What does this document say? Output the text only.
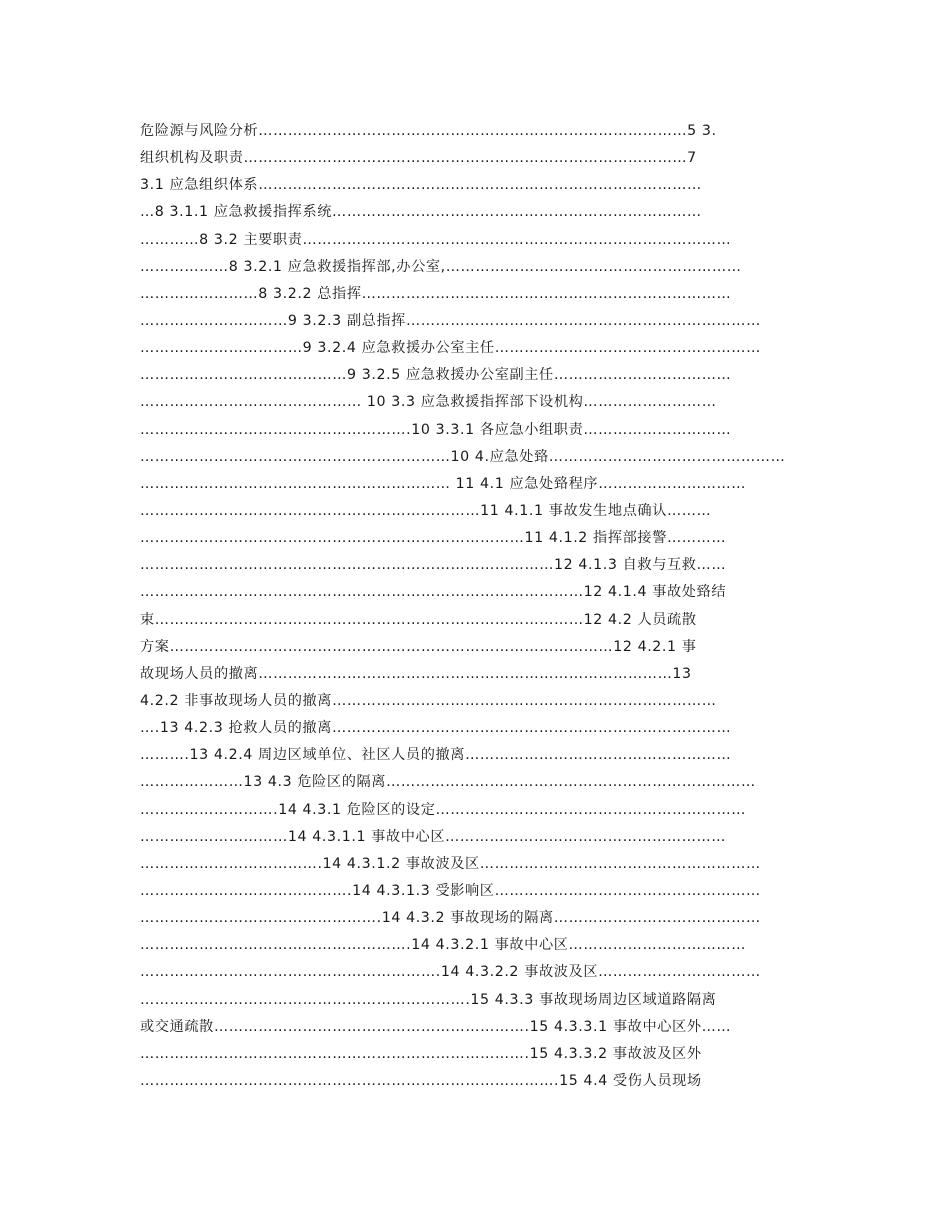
危险源与风险分析……………………………………………………………………………5 3.
组织机构及职责………………………………………………………………………………7
3.1 应急组织体系………………………………………………………………………………
…8 3.1.1 应急救援指挥系统…………………………………………………………………
…………8 3.2 主要职责……………………………………………………………………………
………………8 3.2.1 应急救援指挥部,办公室,……………………………………………………
……………………8 3.2.2 总指挥…………………………………………………………………
…………………………9 3.2.3 副总指挥………………………………………………………………
……………………………9 3.2.4 应急救援办公室主任………………………………………………
……………………………………9 3.2.5 应急救援办公室副主任………………………………
……………………………………… 10 3.3 应急救援指挥部下设机构………………………
……………………………………………….10 3.3.1 各应急小组职责…………………………
………………………………………………………10 4.应急处臵…………………………………………
……………………………………………………… 11 4.1 应急处臵程序…………………………
……………………………………………………………11 4.1.1 事故发生地点确认………
……………………………………………………………………11 4.1.2 指挥部接警…………
…………………………………………………………………………12 4.1.3 自救与互救……
………………………………………………………………………………12 4.1.4 事故处臵结
束……………………………………………………………………………12 4.2 人员疏散
方案………………………………………………………………………………12 4.2.1 事
故现场人员的撤离…………………………………………………………………………13
4.2.2 非事故现场人员的撤离……………………………………………………………………
….13 4.2.3 抢救人员的撤离………………………………………………………………………
……….13 4.2.4 周边区域单位、社区人员的撤离………………………………………………
…………………13 4.3 危险区的隔离…………………………………………………………………
……………………….14 4.3.1 危险区的设定………………………………………………………
…………………………14 4.3.1.1 事故中心区…………………………………………………
……………………………….14 4.3.1.2 事故波及区…………………………………………………
…………………………………….14 4.3.1.3 受影响区………………………………………………
………………………………………….14 4.3.2 事故现场的隔离……………………………………
……………………………………………….14 4.3.2.1 事故中心区………………………………
…………………………………………………….14 4.3.2.2 事故波及区……………………………
………………………………………………………….15 4.3.3 事故现场周边区域道路隔离
或交通疏散……………………………………………………….15 4.3.3.1 事故中心区外……
…………………………………………………………………….15 4.3.3.2 事故波及区外
………………………………………………………………………….15 4.4 受伤人员现场
